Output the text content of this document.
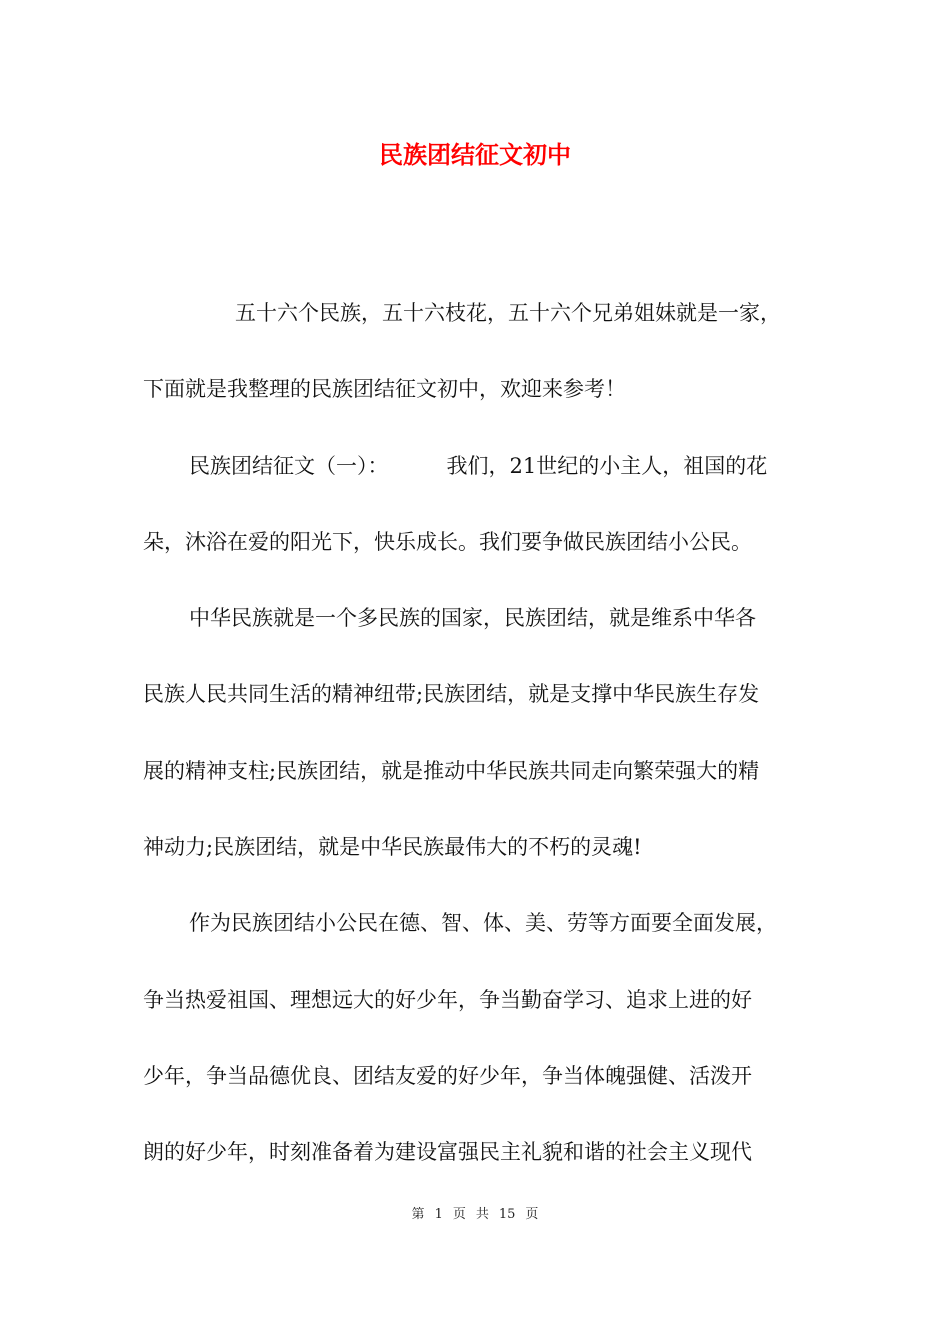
民族团结征文初中
五十六个民族，五十六枝花，五十六个兄弟姐妹就是一家，
下面就是我整理的民族团结征文初中，欢迎来参考！
民族团结征文（一）：	我们，21世纪的小主人，祖国的花
朵，沐浴在爱的阳光下，快乐成长。我们要争做民族团结小公民。
中华民族就是一个多民族的国家，民族团结，就是维系中华各
民族人民共同生活的精神纽带;民族团结，就是支撑中华民族生存发
展的精神支柱;民族团结，就是推动中华民族共同走向繁荣强大的精
神动力;民族团结，就是中华民族最伟大的不朽的灵魂!
作为民族团结小公民在德、智、体、美、劳等方面要全面发展，
争当热爱祖国、理想远大的好少年，争当勤奋学习、追求上进的好
少年，争当品德优良、团结友爱的好少年，争当体魄强健、活泼开
朗的好少年，时刻准备着为建设富强民主礼貌和谐的社会主义现代
第 1 页 共 15 页
